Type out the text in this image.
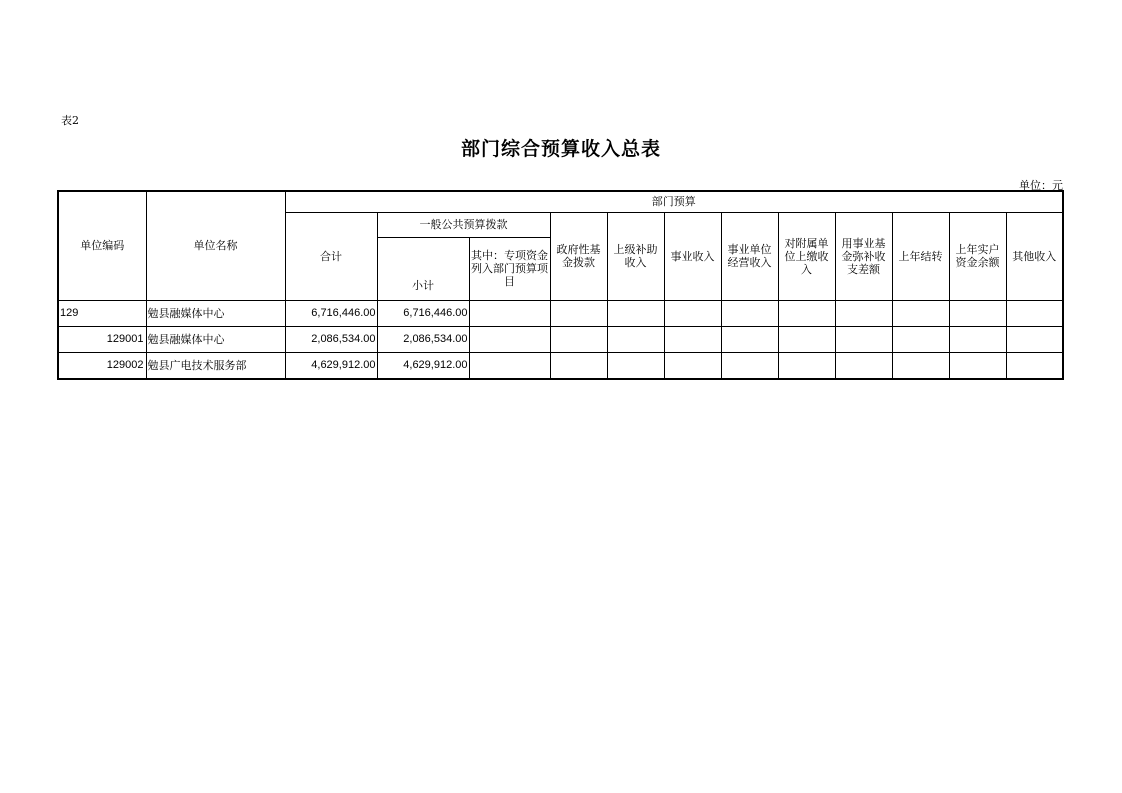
表2
部门综合预算收入总表
单位：元
单位编码	单位名称	部门预算											
		合计	一般公共预算拨款		政府性基金拨款	上级补助收入	事业收入	事业单位经营收入	对附属单位上缴收入	用事业基金弥补收支差额	上年结转	上年实户资金余额	其他收入
			小计	其中：专项资金列入部门预算项目									
129	勉县融媒体中心	6,716,446.00	6,716,446.00										
129001	勉县融媒体中心	2,086,534.00	2,086,534.00										
129002	勉县广电技术服务部	4,629,912.00	4,629,912.00										
